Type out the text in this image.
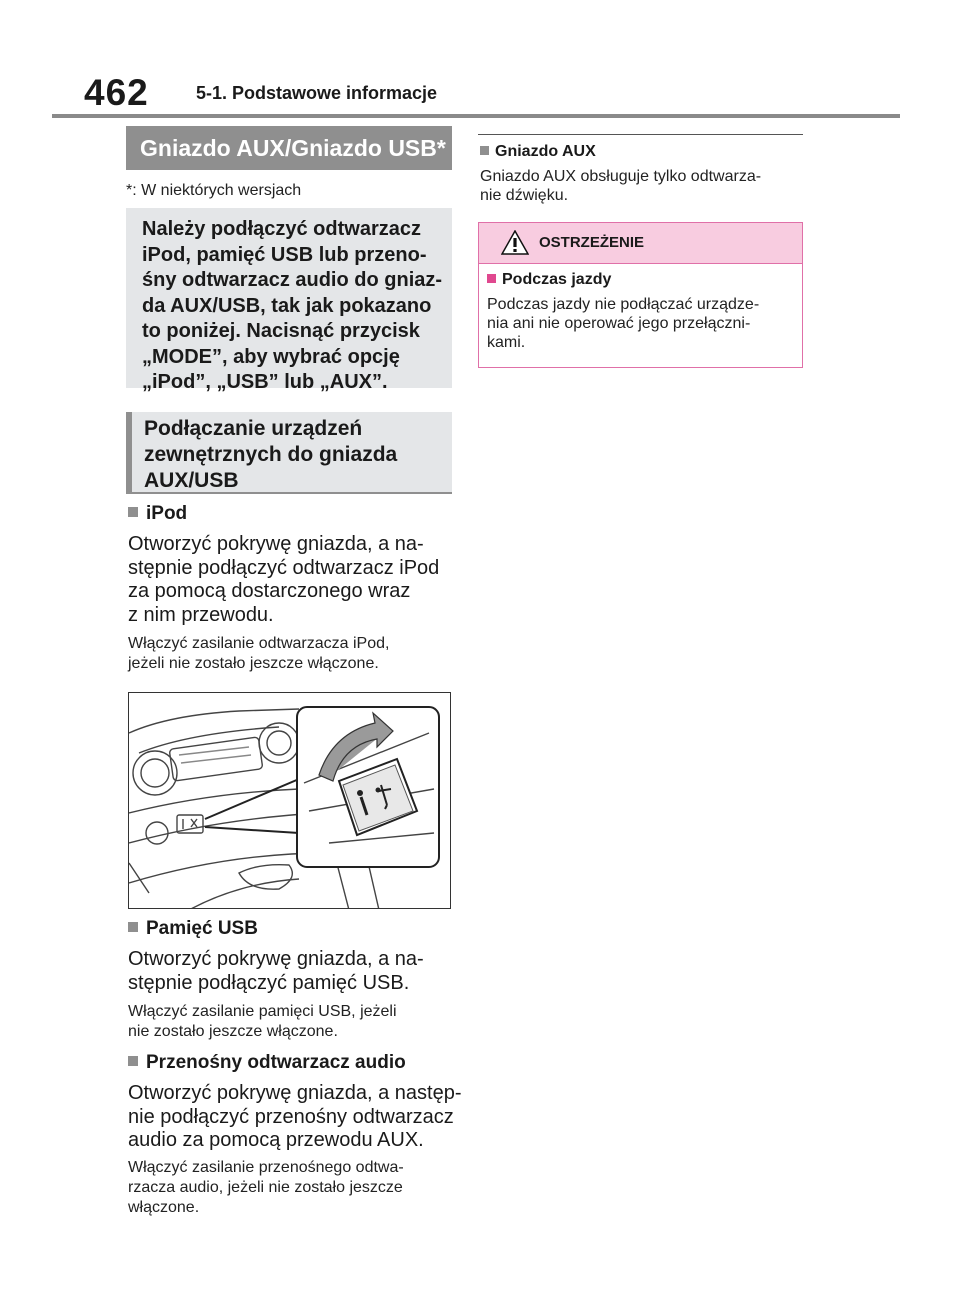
462	5-1. Podstawowe informacje
Gniazdo AUX/Gniazdo USB*
*: W niektórych wersjach
Należy podłączyć odtwarzacz
iPod, pamięć USB lub przeno-
śny odtwarzacz audio do gniaz-
da AUX/USB, tak jak pokazano
to poniżej. Nacisnąć przycisk
„MODE”, aby wybrać opcję
„iPod”, „USB” lub „AUX”.
Podłączanie urządzeń
zewnętrznych do gniazda
AUX/USB
iPod
Otworzyć pokrywę gniazda, a na-
stępnie podłączyć odtwarzacz iPod
za pomocą dostarczonego wraz
z nim przewodu.
Włączyć zasilanie odtwarzacza iPod,
jeżeli nie zostało jeszcze włączone.
Pamięć USB
Otworzyć pokrywę gniazda, a na-
stępnie podłączyć pamięć USB.
Włączyć zasilanie pamięci USB, jeżeli
nie zostało jeszcze włączone.
Przenośny odtwarzacz audio
Otworzyć pokrywę gniazda, a następ-
nie podłączyć przenośny odtwarzacz
audio za pomocą przewodu AUX.
Włączyć zasilanie przenośnego odtwa-
rzacza audio, jeżeli nie zostało jeszcze
włączone.
Gniazdo AUX
Gniazdo AUX obsługuje tylko odtwarza-
nie dźwięku.
OSTRZEŻENIE
Podczas jazdy
Podczas jazdy nie podłączać urządze-
nia ani nie operować jego przełączni-
kami.
